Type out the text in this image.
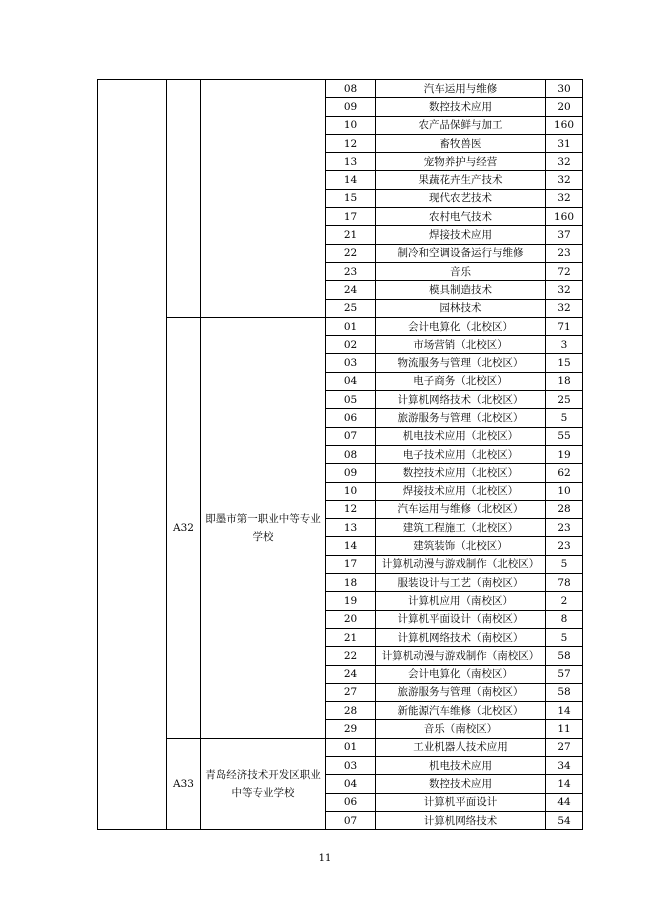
			08	汽车运用与维修	30
			09	数控技术应用	20
			10	农产品保鲜与加工	160
			12	畜牧兽医	31
			13	宠物养护与经营	32
			14	果蔬花卉生产技术	32
			15	现代农艺技术	32
			17	农村电气技术	160
			21	焊接技术应用	37
			22	制冷和空调设备运行与维修	23
			23	音乐	72
			24	模具制造技术	32
			25	园林技术	32
	A32	即墨市第一职业中等专业学校	01	会计电算化（北校区）	71
			02	市场营销（北校区）	3
			03	物流服务与管理（北校区）	15
			04	电子商务（北校区）	18
			05	计算机网络技术（北校区）	25
			06	旅游服务与管理（北校区）	5
			07	机电技术应用（北校区）	55
			08	电子技术应用（北校区）	19
			09	数控技术应用（北校区）	62
			10	焊接技术应用（北校区）	10
			12	汽车运用与维修（北校区）	28
			13	建筑工程施工（北校区）	23
			14	建筑装饰（北校区）	23
			17	计算机动漫与游戏制作（北校区）	5
			18	服装设计与工艺（南校区）	78
			19	计算机应用（南校区）	2
			20	计算机平面设计（南校区）	8
			21	计算机网络技术（南校区）	5
			22	计算机动漫与游戏制作（南校区）	58
			24	会计电算化（南校区）	57
			27	旅游服务与管理（南校区）	58
			28	新能源汽车维修（北校区）	14
			29	音乐（南校区）	11
	A33	青岛经济技术开发区职业中等专业学校	01	工业机器人技术应用	27
			03	机电技术应用	34
			04	数控技术应用	14
			06	计算机平面设计	44
			07	计算机网络技术	54
11
